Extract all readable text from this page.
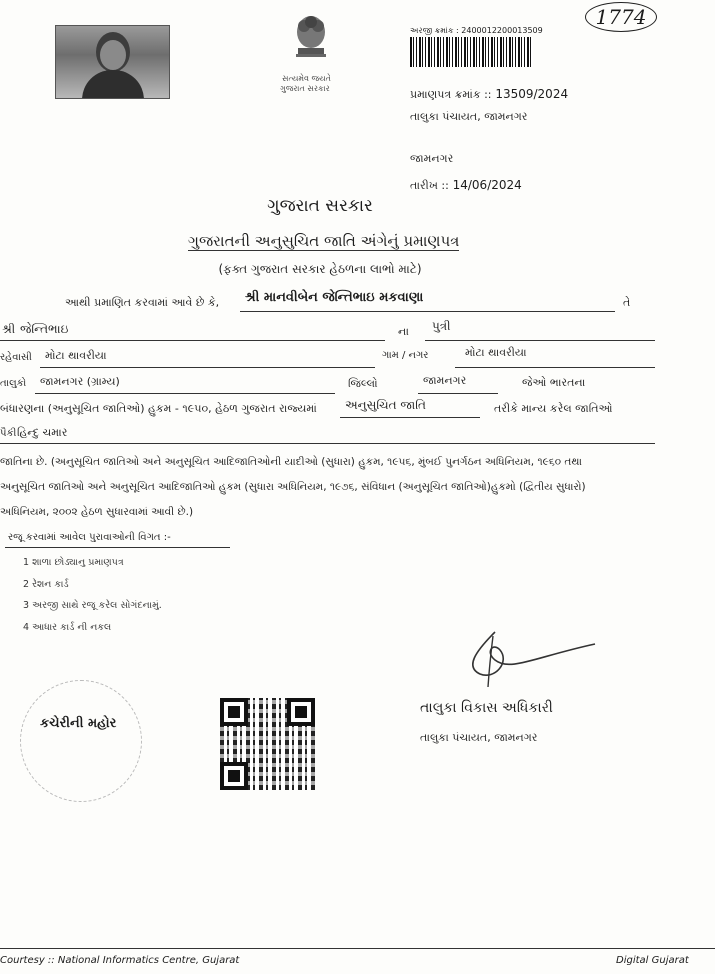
સત્યમેવ જયતે
ગુજરાત સરકાર
1774
અરજી ક્રમાંક : 2400012200013509
પ્રમાણપત્ર ક્રમાંક :: 13509/2024
તાલુકા પંચાયત, જામનગર
જામનગર
તારીખ :: 14/06/2024
ગુજરાત સરકાર
ગુજરાતની અનુસુચિત જાતિ અંગેનું પ્રમાણપત્ર
(ફક્ત ગુજરાત સરકાર હેઠળના લાભો માટે)
આથી પ્રમાણિત કરવામાં આવે છે કે, શ્રી માનવીબેન જેન્તિભાઇ મકવાણા	તે
શ્રી જેન્તિભાઇ	ના પુત્રી
રહેવાસી મોટા થાવરીયા	ગામ / નગર	મોટા થાવરીયા
તાલુકો જામનગર (ગ્રામ્ય)	જિલ્લો	જામનગર	જેઓ ભારતના
બંધારણના (અનુસૂચિત જાતિઓ) હુકમ - ૧૯૫૦, હેઠળ ગુજરાત રાજ્યમાં અનુસુચિત જાતિ	તરીકે માન્ય કરેલ જાતિઓ
પૈકી હિન્દુ ચમાર
જાતિના છે. (અનુસૂચિત જાતિઓ અને અનુસૂચિત આદિજાતિઓની યાદીઓ (સુધારા) હુકમ, ૧૯૫૬, મુંબઈ પુનર્ગઠન અધિનિયમ, ૧૯૬૦ તથા
અનુસૂચિત જાતિઓ અને અનુસૂચિત આદિજાતિઓ હુકમ (સુધારા અધિનિયમ, ૧૯૭૬, સંવિધાન (અનુસૂચિત જાતિઓ)હુકમો (દ્વિતીય સુધારો)
અધિનિયમ, ૨૦૦૨ હેઠળ સુધારવામાં આવી છે.)
રજૂ કરવામાં આવેલ પુરાવાઓની વિગત :-
1 શાળા છોડ્યાનુ પ્રમાણપત્ર
2 રેશન કાર્ડ
3 અરજી સાથે રજૂ કરેલ સોગંદનામું.
4 આધાર કાર્ડ ની નકલ
કચેરીની મહોર
તાલુકા વિકાસ અધિકારી
તાલુકા પંચાયત, જામનગર
Courtesy :: National Informatics Centre, Gujarat	Digital Gujarat
